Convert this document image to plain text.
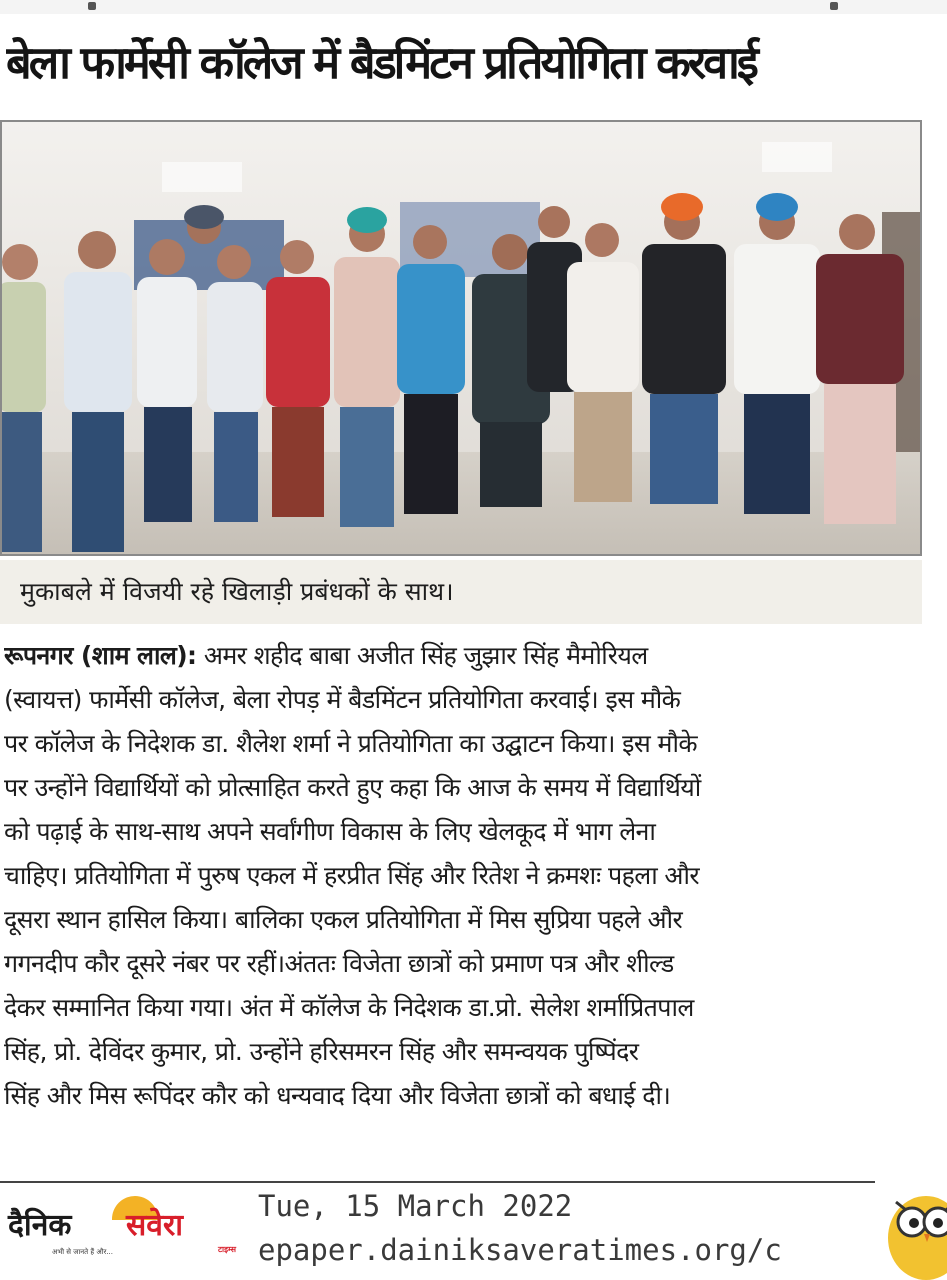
बेला फार्मेसी कॉलेज में बैडमिंटन प्रतियोगिता करवाई

मुकाबले में विजयी रहे खिलाड़ी प्रबंधकों के साथ।

रूपनगर (शाम लाल): अमर शहीद बाबा अजीत सिंह जुझार सिंह मैमोरियल
(स्वायत्त) फार्मेसी कॉलेज, बेला रोपड़ में बैडमिंटन प्रतियोगिता करवाई। इस मौके
पर कॉलेज के निदेशक डा. शैलेश शर्मा ने प्रतियोगिता का उद्घाटन किया। इस मौके
पर उन्होंने विद्यार्थियों को प्रोत्साहित करते हुए कहा कि आज के समय में विद्यार्थियों
को पढ़ाई के साथ-साथ अपने सर्वांगीण विकास के लिए खेलकूद में भाग लेना
चाहिए। प्रतियोगिता में पुरुष एकल में हरप्रीत सिंह और रितेश ने क्रमशः पहला और
दूसरा स्थान हासिल किया। बालिका एकल प्रतियोगिता में मिस सुप्रिया पहले और
गगनदीप कौर दूसरे नंबर पर रहीं।अंततः विजेता छात्रों को प्रमाण पत्र और शील्ड
देकर सम्मानित किया गया। अंत में कॉलेज के निदेशक डा.प्रो. सेलेश शर्माप्रितपाल
सिंह, प्रो. देविंदर कुमार, प्रो. उन्होंने हरिसमरन सिंह और समन्वयक पुष्पिंदर
सिंह और मिस रूपिंदर कौर को धन्यवाद दिया और विजेता छात्रों को बधाई दी।
दैनिक सवेरा
अभी से जानते हैं और...	टाइम्स
Tue, 15 March 2022
epaper.dainiksaveratimes.org/c
